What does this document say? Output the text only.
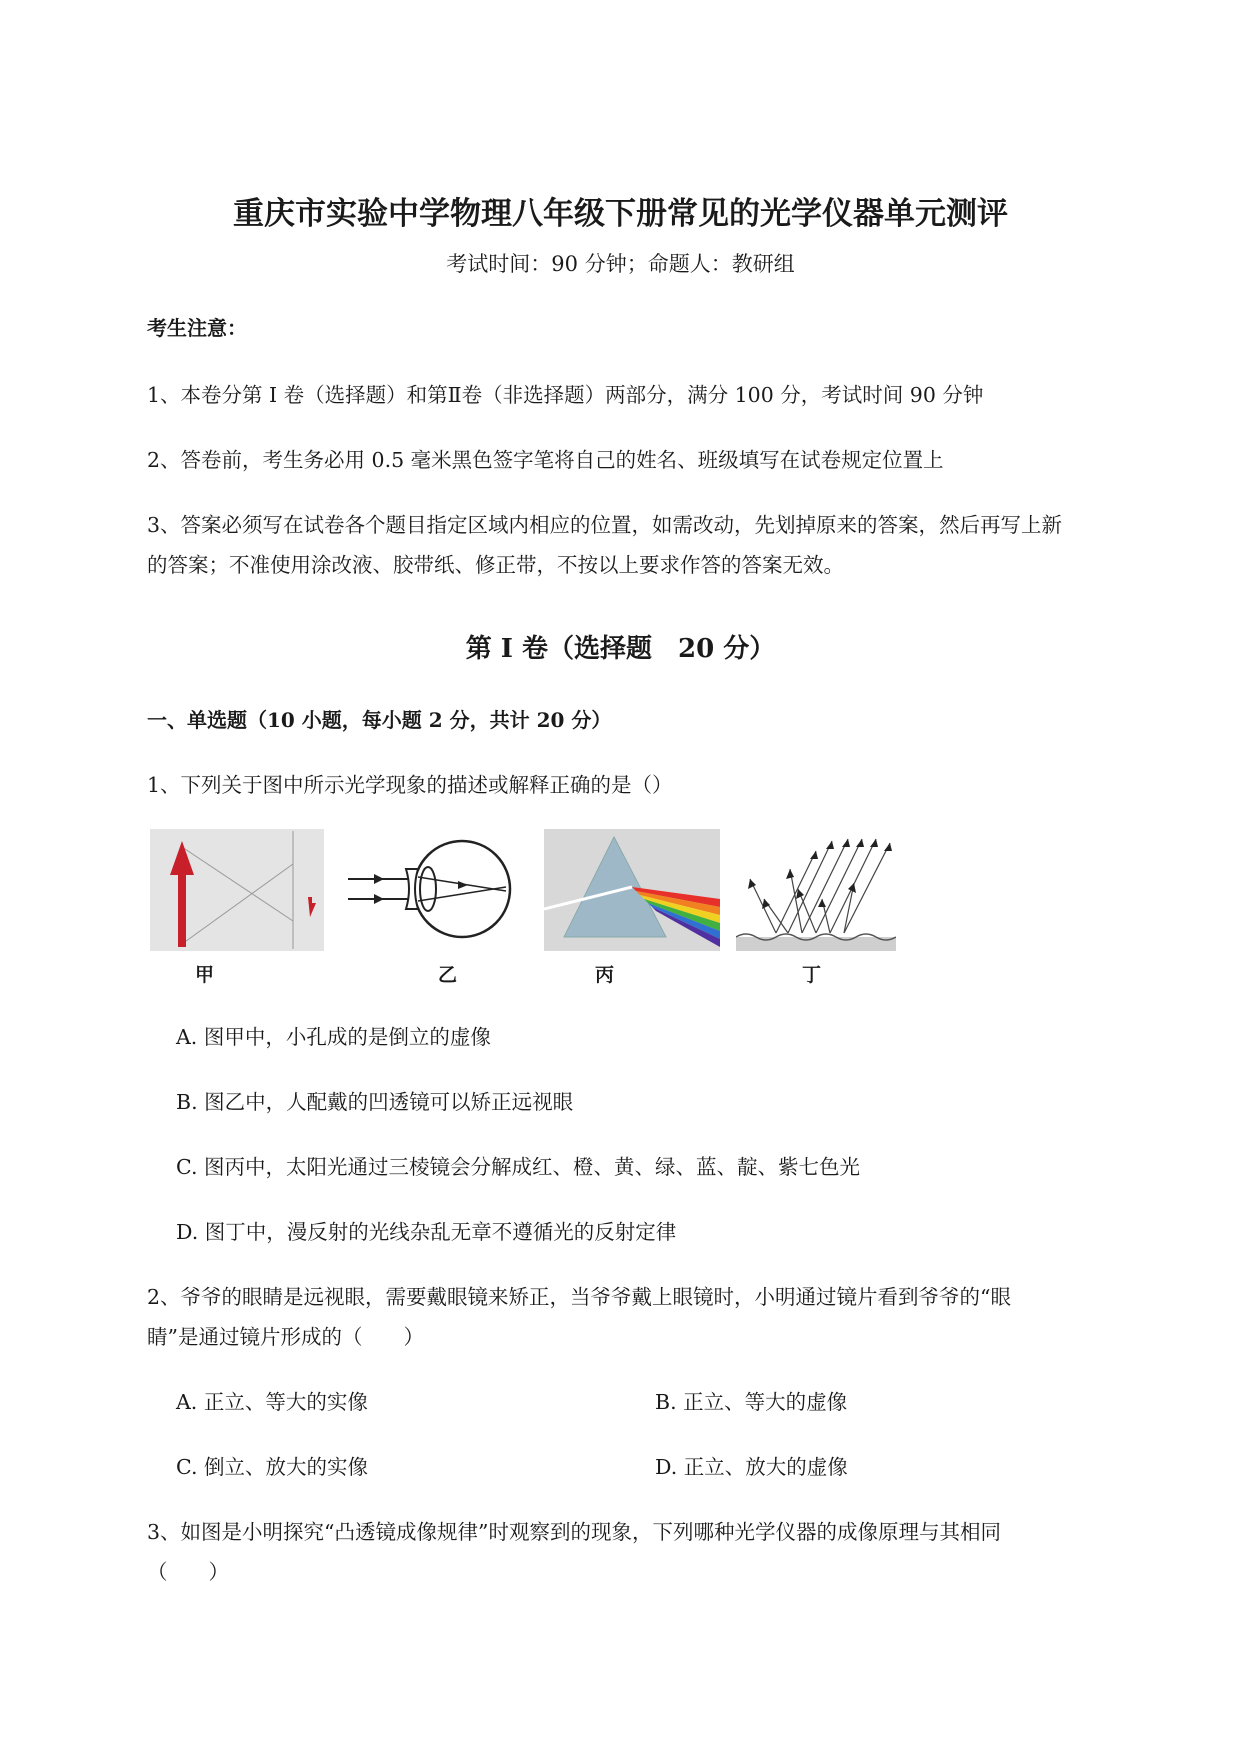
重庆市实验中学物理八年级下册常见的光学仪器单元测评
考试时间：90 分钟；命题人：教研组
考生注意：
1、本卷分第 I 卷（选择题）和第Ⅱ卷（非选择题）两部分，满分 100 分，考试时间 90 分钟
2、答卷前，考生务必用 0.5 毫米黑色签字笔将自己的姓名、班级填写在试卷规定位置上
3、答案必须写在试卷各个题目指定区域内相应的位置，如需改动，先划掉原来的答案，然后再写上新
的答案；不准使用涂改液、胶带纸、修正带，不按以上要求作答的答案无效。
第 I 卷（选择题　20 分）
一、单选题（10 小题，每小题 2 分，共计 20 分）
1、下列关于图中所示光学现象的描述或解释正确的是（）
甲	乙	丙	丁
A. 图甲中，小孔成的是倒立的虚像
B. 图乙中，人配戴的凹透镜可以矫正远视眼
C. 图丙中，太阳光通过三棱镜会分解成红、橙、黄、绿、蓝、靛、紫七色光
D. 图丁中，漫反射的光线杂乱无章不遵循光的反射定律
2、爷爷的眼睛是远视眼，需要戴眼镜来矫正，当爷爷戴上眼镜时，小明通过镜片看到爷爷的“眼
睛”是通过镜片形成的（　　）
A. 正立、等大的实像	B. 正立、等大的虚像
C. 倒立、放大的实像	D. 正立、放大的虚像
3、如图是小明探究“凸透镜成像规律”时观察到的现象，下列哪种光学仪器的成像原理与其相同
（　　）
